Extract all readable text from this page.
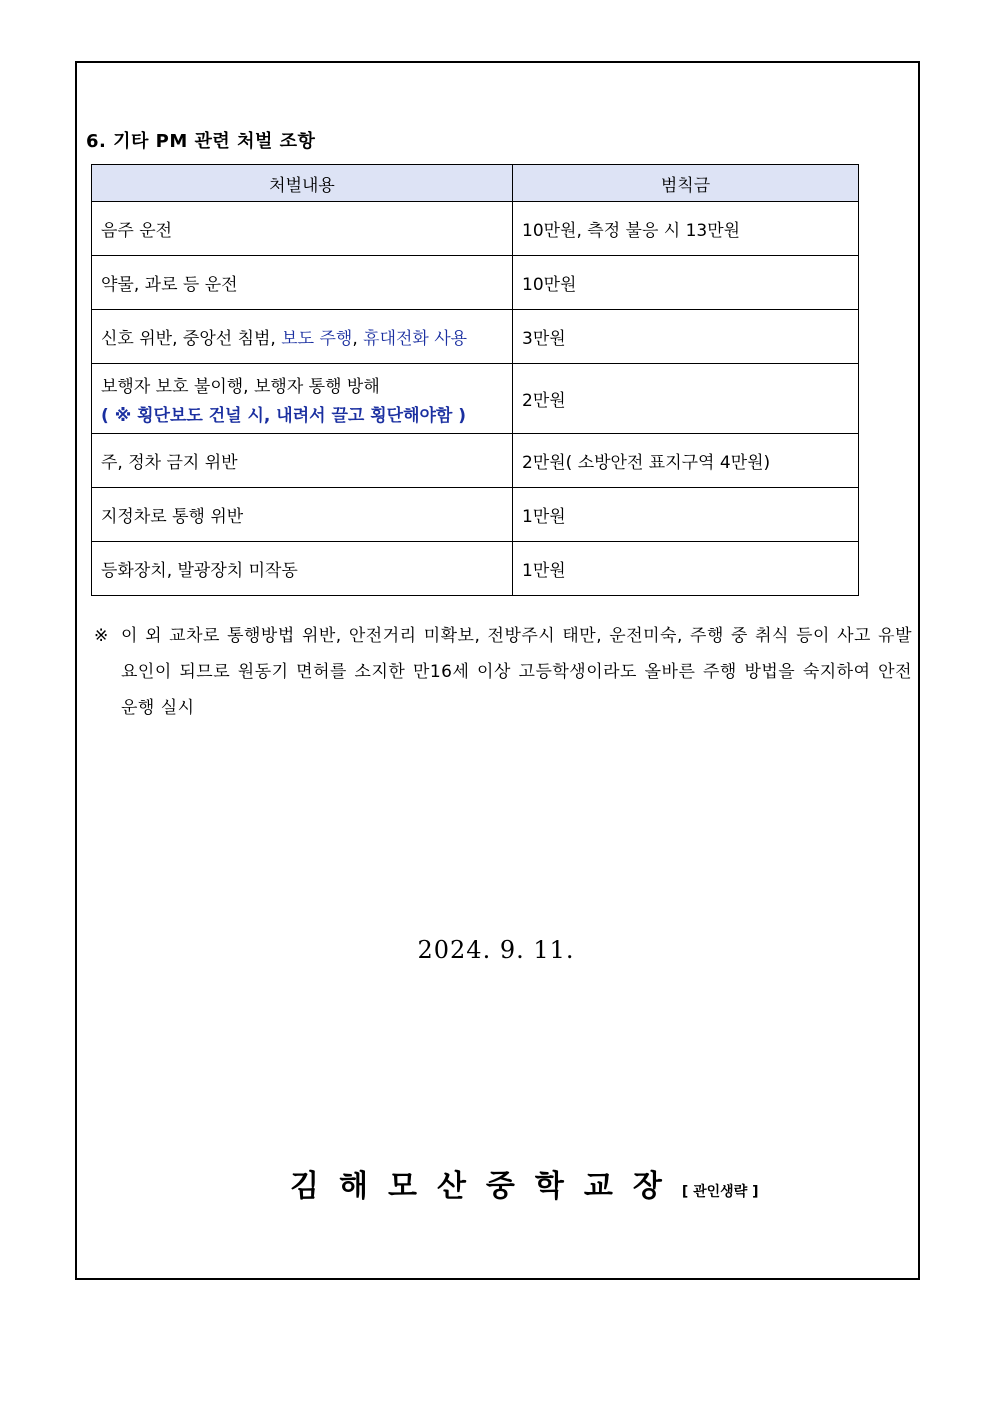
6. 기타 PM 관련 처벌 조항
처벌내용	범칙금
음주 운전	10만원, 측정 불응 시 13만원
약물, 과로 등 운전	10만원
신호 위반, 중앙선 침범, 보도 주행, 휴대전화 사용	3만원

보행자 보호 불이행, 보행자 통행 방해
( ※ 횡단보도 건널 시, 내려서 끌고 횡단해야함 )	2만원
주, 정차 금지 위반	2만원( 소방안전 표지구역 4만원)
지정차로 통행 위반	1만원
등화장치, 발광장치 미작동	1만원
※ 이 외 교차로 통행방법 위반, 안전거리 미확보, 전방주시 태만, 운전미숙, 주행 중 취식 등이 사고 유발 요인이 되므로 원동기 면허를 소지한 만16세 이상 고등학생이라도 올바른 주행 방법을 숙지하여 안전 운행 실시
2024. 9. 11.
김해모산중학교장[ 관인생략 ]
